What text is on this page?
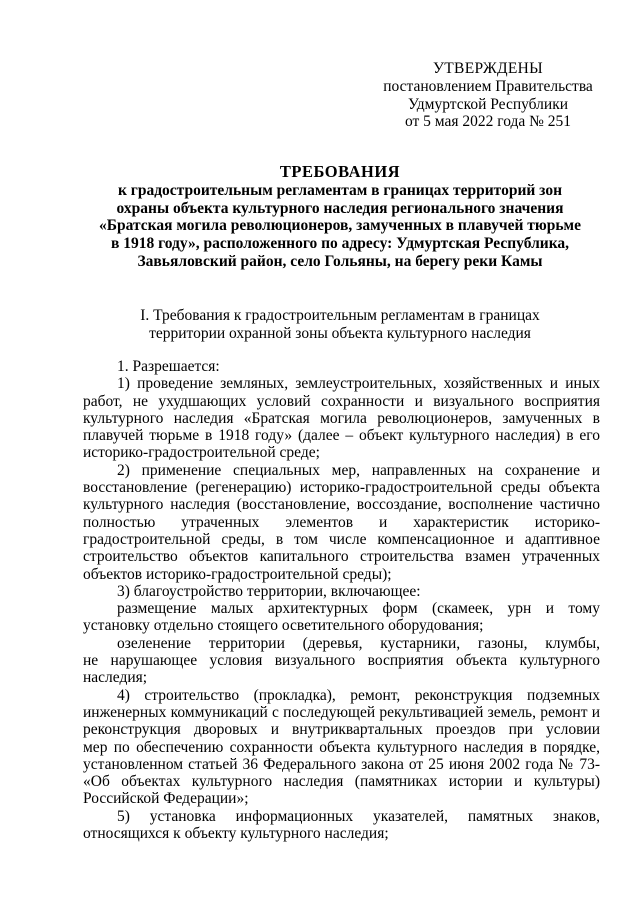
УТВЕРЖДЕНЫ
постановлением Правительства
Удмуртской Республики
от 5 мая 2022 года № 251
ТРЕБОВАНИЯ
к градостроительным регламентам в границах территорий зон
охраны объекта культурного наследия регионального значения
«Братская могила революционеров, замученных в плавучей тюрьме
в 1918 году», расположенного по адресу: Удмуртская Республика,
Завьяловский район, село Гольяны, на берегу реки Камы
I. Требования к градостроительным регламентам в границах
территории охранной зоны объекта культурного наследия
1. Разрешается:
1) проведение земляных, землеустроительных, хозяйственных и иных
работ, не ухудшающих условий сохранности и визуального восприятия
культурного наследия «Братская могила революционеров, замученных в
плавучей тюрьме в 1918 году» (далее – объект культурного наследия) в его
историко-градостроительной среде;
2) применение специальных мер, направленных на сохранение и
восстановление (регенерацию) историко-градостроительной среды объекта
культурного наследия (восстановление, воссоздание, восполнение частично
полностью утраченных элементов и характеристик историко-
градостроительной среды, в том числе компенсационное и адаптивное
строительство объектов капитального строительства взамен утраченных
объектов историко-градостроительной среды);
3) благоустройство территории, включающее:
размещение малых архитектурных форм (скамеек, урн и тому
установку отдельно стоящего осветительного оборудования;
озеленение территории (деревья, кустарники, газоны, клумбы,
не нарушающее условия визуального восприятия объекта культурного
наследия;
4) строительство (прокладка), ремонт, реконструкция подземных
инженерных коммуникаций с последующей рекультивацией земель, ремонт и
реконструкция дворовых и внутриквартальных проездов при условии
мер по обеспечению сохранности объекта культурного наследия в порядке,
установленном статьей 36 Федерального закона от 25 июня 2002 года № 73-
«Об объектах культурного наследия (памятниках истории и культуры)
Российской Федерации»;
5) установка информационных указателей, памятных знаков,
относящихся к объекту культурного наследия;
